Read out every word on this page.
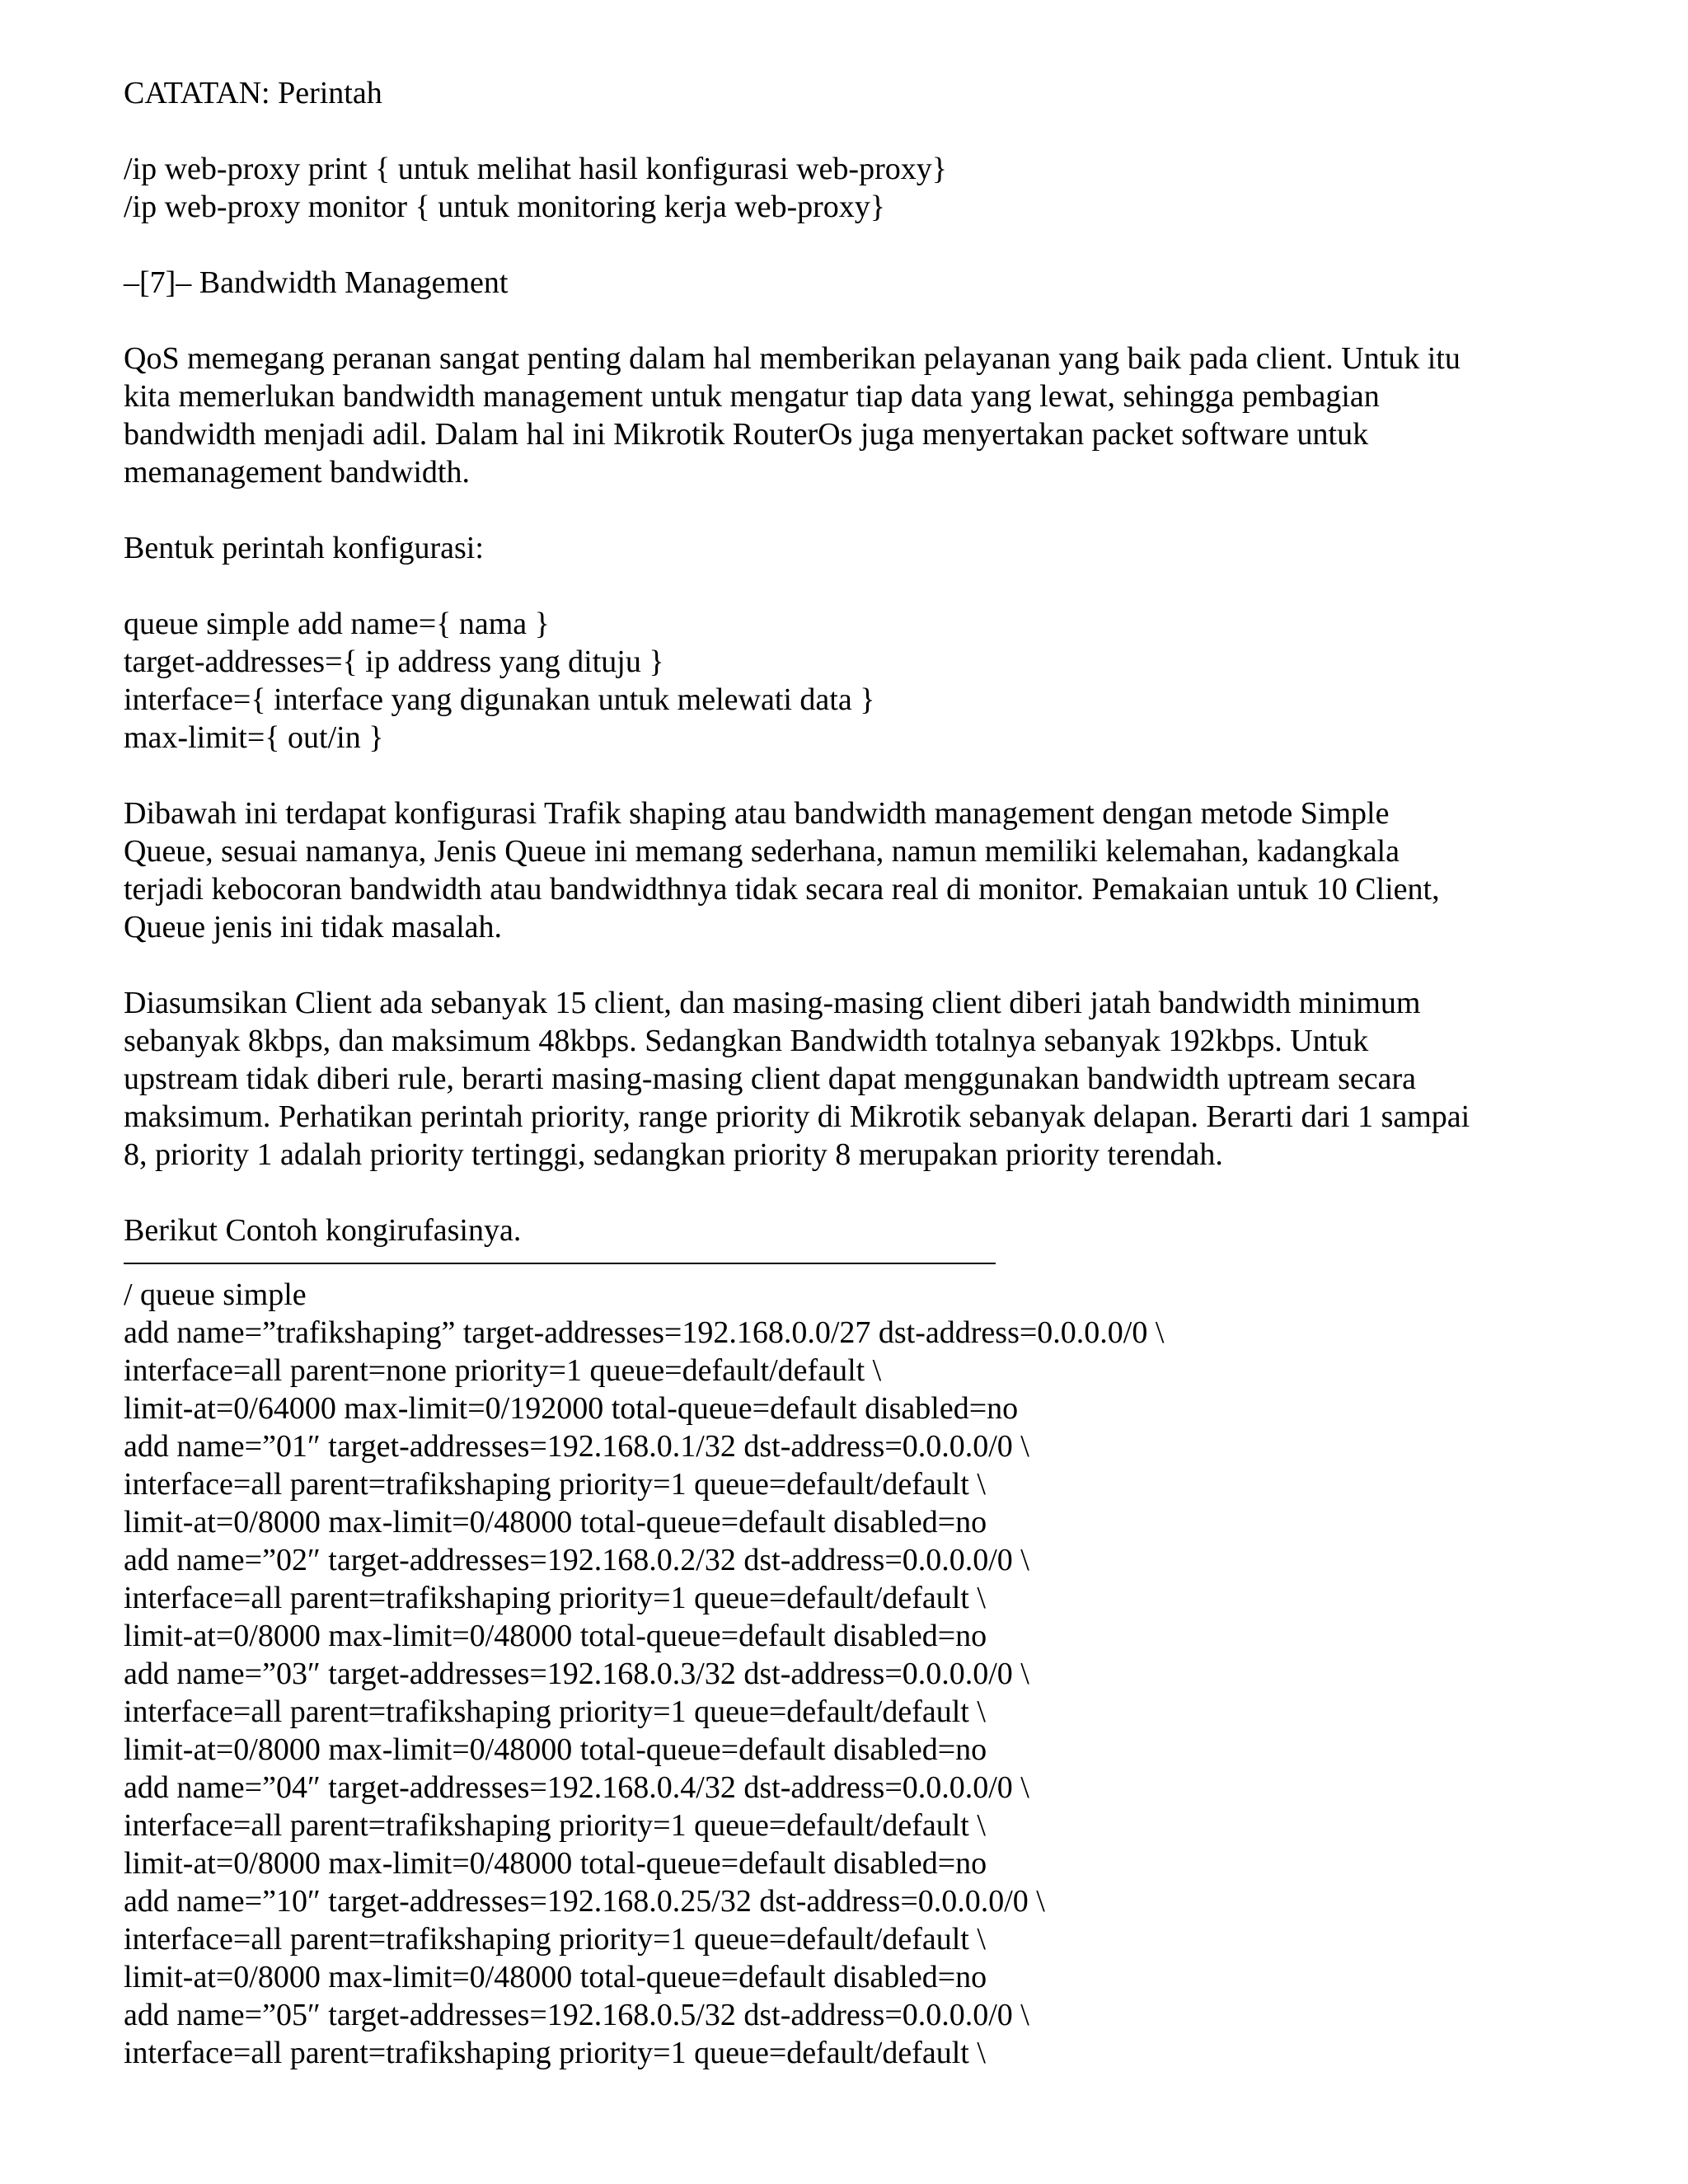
CATATAN: Perintah

/ip web-proxy print { untuk melihat hasil konfigurasi web-proxy}

/ip web-proxy monitor { untuk monitoring kerja web-proxy}

–[7]– Bandwidth Management

QoS memegang peranan sangat penting dalam hal memberikan pelayanan yang baik pada client. Untuk itu

kita memerlukan bandwidth management untuk mengatur tiap data yang lewat, sehingga pembagian

bandwidth menjadi adil. Dalam hal ini Mikrotik RouterOs juga menyertakan packet software untuk

memanagement bandwidth.

Bentuk perintah konfigurasi:

queue simple add name={ nama }

target-addresses={ ip address yang dituju }

interface={ interface yang digunakan untuk melewati data }

max-limit={ out/in }

Dibawah ini terdapat konfigurasi Trafik shaping atau bandwidth management dengan metode Simple

Queue, sesuai namanya, Jenis Queue ini memang sederhana, namun memiliki kelemahan, kadangkala

terjadi kebocoran bandwidth atau bandwidthnya tidak secara real di monitor. Pemakaian untuk 10 Client,

Queue jenis ini tidak masalah.

Diasumsikan Client ada sebanyak 15 client, dan masing-masing client diberi jatah bandwidth minimum

sebanyak 8kbps, dan maksimum 48kbps. Sedangkan Bandwidth totalnya sebanyak 192kbps. Untuk

upstream tidak diberi rule, berarti masing-masing client dapat menggunakan bandwidth uptream secara

maksimum. Perhatikan perintah priority, range priority di Mikrotik sebanyak delapan. Berarti dari 1 sampai

8, priority 1 adalah priority tertinggi, sedangkan priority 8 merupakan priority terendah.

Berikut Contoh kongirufasinya.

/ queue simple

add name=”trafikshaping” target-addresses=192.168.0.0/27 dst-address=0.0.0.0/0 \

interface=all parent=none priority=1 queue=default/default \

limit-at=0/64000 max-limit=0/192000 total-queue=default disabled=no

add name=”01″ target-addresses=192.168.0.1/32 dst-address=0.0.0.0/0 \

interface=all parent=trafikshaping priority=1 queue=default/default \

limit-at=0/8000 max-limit=0/48000 total-queue=default disabled=no

add name=”02″ target-addresses=192.168.0.2/32 dst-address=0.0.0.0/0 \

interface=all parent=trafikshaping priority=1 queue=default/default \

limit-at=0/8000 max-limit=0/48000 total-queue=default disabled=no

add name=”03″ target-addresses=192.168.0.3/32 dst-address=0.0.0.0/0 \

interface=all parent=trafikshaping priority=1 queue=default/default \

limit-at=0/8000 max-limit=0/48000 total-queue=default disabled=no

add name=”04″ target-addresses=192.168.0.4/32 dst-address=0.0.0.0/0 \

interface=all parent=trafikshaping priority=1 queue=default/default \

limit-at=0/8000 max-limit=0/48000 total-queue=default disabled=no

add name=”10″ target-addresses=192.168.0.25/32 dst-address=0.0.0.0/0 \

interface=all parent=trafikshaping priority=1 queue=default/default \

limit-at=0/8000 max-limit=0/48000 total-queue=default disabled=no

add name=”05″ target-addresses=192.168.0.5/32 dst-address=0.0.0.0/0 \

interface=all parent=trafikshaping priority=1 queue=default/default \
